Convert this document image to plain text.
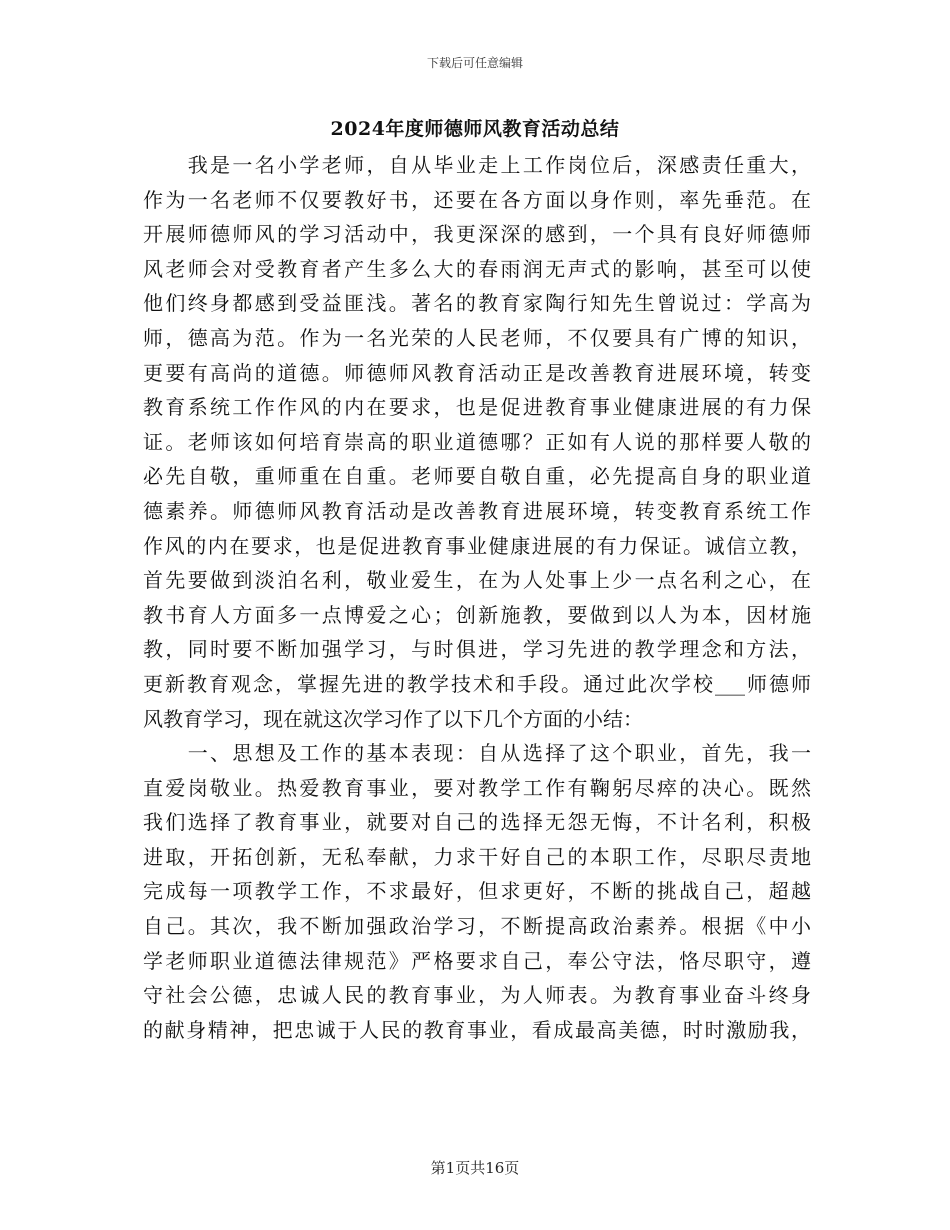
下载后可任意编辑
2024年度师德师风教育活动总结
　　我是一名小学老师，自从毕业走上工作岗位后，深感责任重大，
作为一名老师不仅要教好书，还要在各方面以身作则，率先垂范。在
开展师德师风的学习活动中，我更深深的感到，一个具有良好师德师
风老师会对受教育者产生多么大的春雨润无声式的影响，甚至可以使
他们终身都感到受益匪浅。著名的教育家陶行知先生曾说过：学高为
师，德高为范。作为一名光荣的人民老师，不仅要具有广博的知识，
更要有高尚的道德。师德师风教育活动正是改善教育进展环境，转变
教育系统工作作风的内在要求，也是促进教育事业健康进展的有力保
证。老师该如何培育崇高的职业道德哪？正如有人说的那样要人敬的
必先自敬，重师重在自重。老师要自敬自重，必先提高自身的职业道
德素养。师德师风教育活动是改善教育进展环境，转变教育系统工作
作风的内在要求，也是促进教育事业健康进展的有力保证。诚信立教，
首先要做到淡泊名利，敬业爱生，在为人处事上少一点名利之心，在
教书育人方面多一点博爱之心；创新施教，要做到以人为本，因材施
教，同时要不断加强学习，与时俱进，学习先进的教学理念和方法，
更新教育观念，掌握先进的教学技术和手段。通过此次学校___师德师
风教育学习，现在就这次学习作了以下几个方面的小结：
　　一、思想及工作的基本表现：自从选择了这个职业，首先，我一
直爱岗敬业。热爱教育事业，要对教学工作有鞠躬尽瘁的决心。既然
我们选择了教育事业，就要对自己的选择无怨无悔，不计名利，积极
进取，开拓创新，无私奉献，力求干好自己的本职工作，尽职尽责地
完成每一项教学工作，不求最好，但求更好，不断的挑战自己，超越
自己。其次，我不断加强政治学习，不断提高政治素养。根据《中小
学老师职业道德法律规范》严格要求自己，奉公守法，恪尽职守，遵
守社会公德，忠诚人民的教育事业，为人师表。为教育事业奋斗终身
的献身精神，把忠诚于人民的教育事业，看成最高美德，时时激励我，
第1页共16页
